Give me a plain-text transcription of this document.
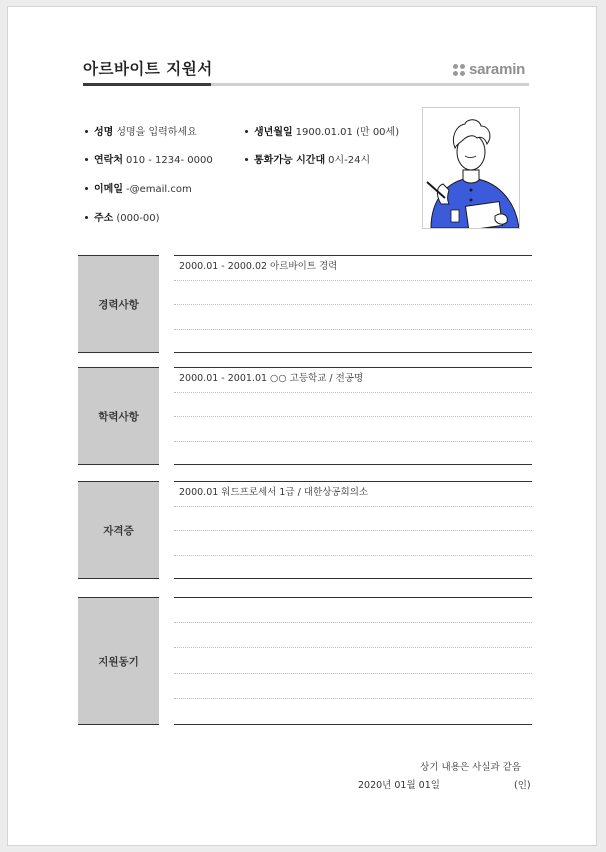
아르바이트 지원서	saramin
성명 성명을 입력하세요	생년월일 1900.01.01 (만 00세)
연락처 010 - 1234- 0000	통화가능 시간대 0시-24시
이메일 -@email.com
주소 (000-00)
경력사항
2000.01 - 2000.02 아르바이트 경력
학력사항
2000.01 - 2001.01 ○○ 고등학교 / 전공명
자격증
2000.01 워드프로세서 1급 / 대한상공회의소
지원동기
상기 내용은 사실과 같음
2020년 01월 01일	(인)
